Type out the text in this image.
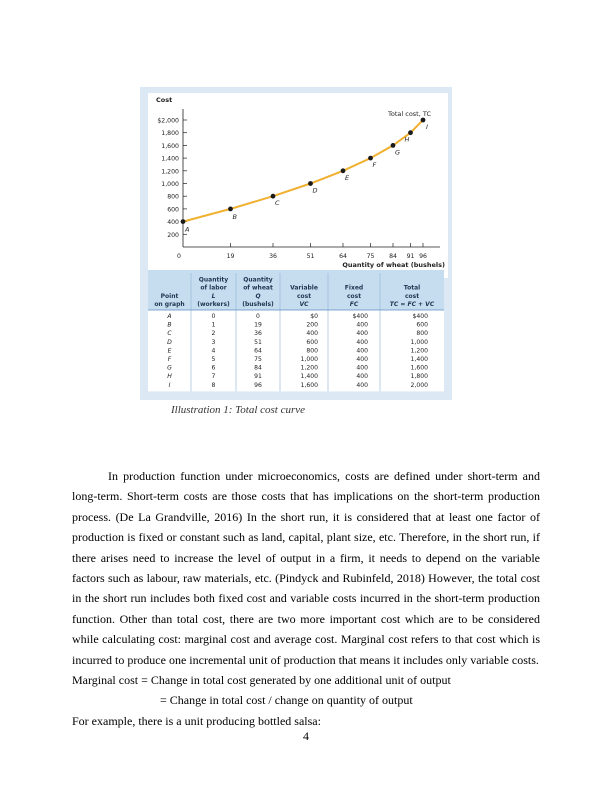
200
400
600
800
1,000
1,200
1,400
1,600
1,800
$2,000
Cost
0	19	36	51	64	75 84 91 96
Quantity of wheat (bushels)
A
B
C
D
E
F
G
H
I
Total cost, TC
Point
on graph
Quantity
of labor
L
(workers)
Quantity
of wheat
Q
(bushels)
Variable
cost
VC
Fixed
cost
FC
Total
cost
TC = FC + VC
A	0	0	$0	$400	$400
B	1	19	200	400	600
C	2	36	400	400	800
D	3	51	600	400	1,000
E	4	64	800	400	1,200
F	5	75	1,000	400	1,400
G	6	84	1,200	400	1,600
H	7	91	1,400	400	1,800
I	8	96	1,600	400	2,000
Illustration 1: Total cost curve

In production function under microeconomics, costs are defined under short-term and long-term. Short-term costs are those costs that has implications on the short-term production process. (De La Grandville, 2016) In the short run, it is considered that at least one factor of production is fixed or constant such as land, capital, plant size, etc. Therefore, in the short run, if there arises need to increase the level of output in a firm, it needs to depend on the variable factors such as labour, raw materials, etc. (Pindyck and Rubinfeld, 2018) However, the total cost in the short run includes both fixed cost and variable costs incurred in the short-term production function. Other than total cost, there are two more important cost which are to be considered while calculating cost: marginal cost and average cost. Marginal cost refers to that cost which is incurred to produce one incremental unit of production that means it includes only variable costs.

Marginal cost = Change in total cost generated by one additional unit of output

= Change in total cost / change on quantity of output

For example, there is a unit producing bottled salsa:

4
